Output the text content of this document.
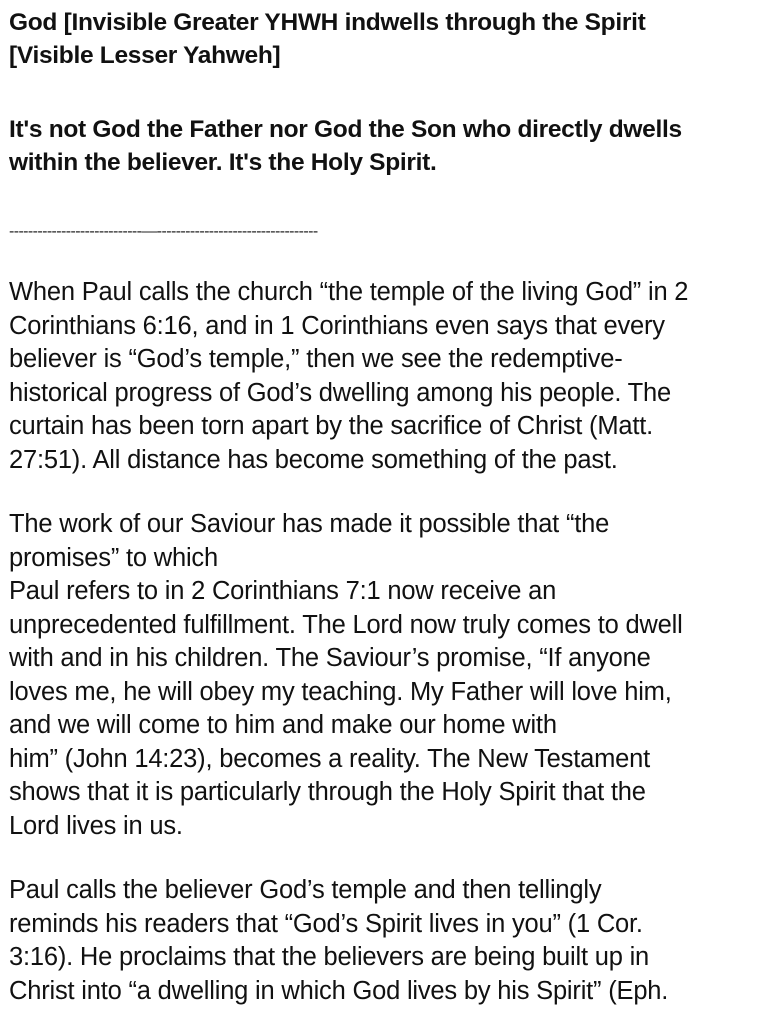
God [Invisible Greater YHWH indwells through the Spirit
[Visible Lesser Yahweh]
It's not God the Father nor God the Son who directly dwells
within the believer. It's the Holy Spirit.
----------------------------—----------------------------------
When Paul calls the church “the temple of the living God” in 2
Corinthians 6:16, and in 1 Corinthians even says that every
believer is “God’s temple,” then we see the redemptive-
historical progress of God’s dwelling among his people. The
curtain has been torn apart by the sacrifice of Christ (Matt.
27:51). All distance has become something of the past.
The work of our Saviour has made it possible that “the
promises” to which
Paul refers to in 2 Corinthians 7:1 now receive an
unprecedented fulfillment. The Lord now truly comes to dwell
with and in his children. The Saviour’s promise, “If anyone
loves me, he will obey my teaching. My Father will love him,
and we will come to him and make our home with
him” (John 14:23), becomes a reality. The New Testament
shows that it is particularly through the Holy Spirit that the
Lord lives in us.
Paul calls the believer God’s temple and then tellingly
reminds his readers that “God’s Spirit lives in you” (1 Cor.
3:16). He proclaims that the believers are being built up in
Christ into “a dwelling in which God lives by his Spirit” (Eph.
